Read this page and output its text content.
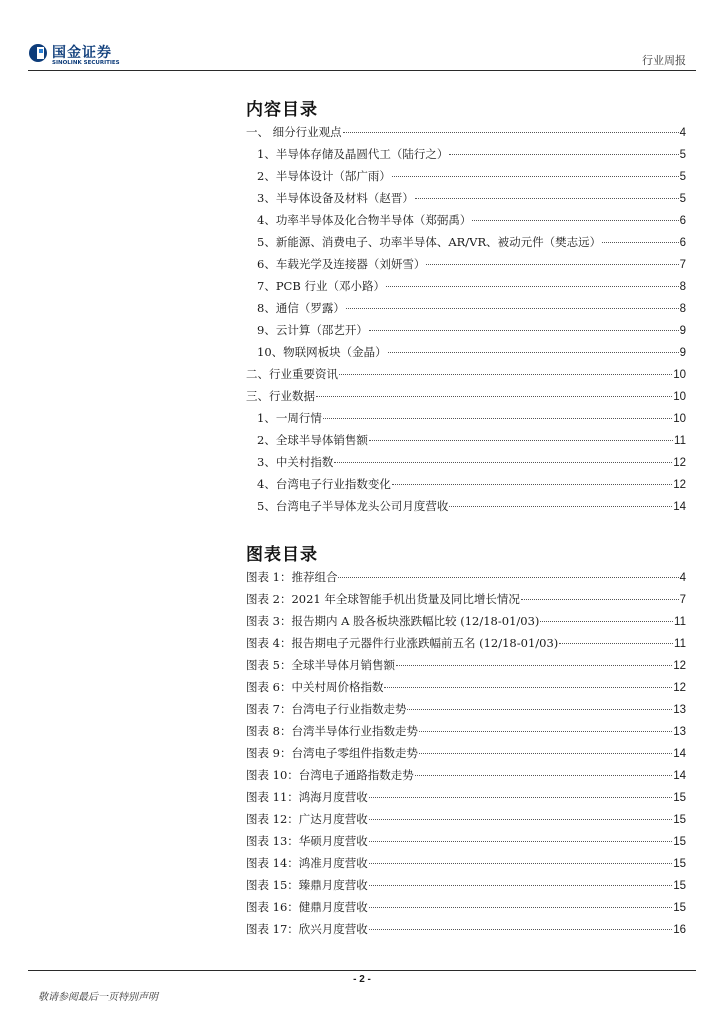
国金证券
SINOLINK SECURITIES	行业周报
内容目录
一、 细分行业观点	4
1、半导体存储及晶圆代工（陆行之）	5
2、半导体设计（郜广雨）	5
3、半导体设备及材料（赵晋）	5
4、功率半导体及化合物半导体（郑弼禹）	6
5、新能源、消费电子、功率半导体、AR/VR、被动元件（樊志远）	6
6、车载光学及连接器（刘妍雪）	7
7、PCB 行业（邓小路）	8
8、通信（罗露）	8
9、云计算（邵艺开）	9
10、物联网板块（金晶）	9
二、行业重要资讯	10
三、行业数据	10
1、一周行情	10
2、全球半导体销售额	11
3、中关村指数	12
4、台湾电子行业指数变化	12
5、台湾电子半导体龙头公司月度营收	14
图表目录
图表 1：推荐组合	4
图表 2：2021 年全球智能手机出货量及同比增长情况	7
图表 3：报告期内 A 股各板块涨跌幅比较 (12/18-01/03)	11
图表 4：报告期电子元器件行业涨跌幅前五名 (12/18-01/03)	11
图表 5：全球半导体月销售额	12
图表 6：中关村周价格指数	12
图表 7：台湾电子行业指数走势	13
图表 8：台湾半导体行业指数走势	13
图表 9：台湾电子零组件指数走势	14
图表 10：台湾电子通路指数走势	14
图表 11：鸿海月度营收	15
图表 12：广达月度营收	15
图表 13：华硕月度营收	15
图表 14：鸿准月度营收	15
图表 15：臻鼎月度营收	15
图表 16：健鼎月度营收	15
图表 17：欣兴月度营收	16
- 2 -
敬请参阅最后一页特别声明
